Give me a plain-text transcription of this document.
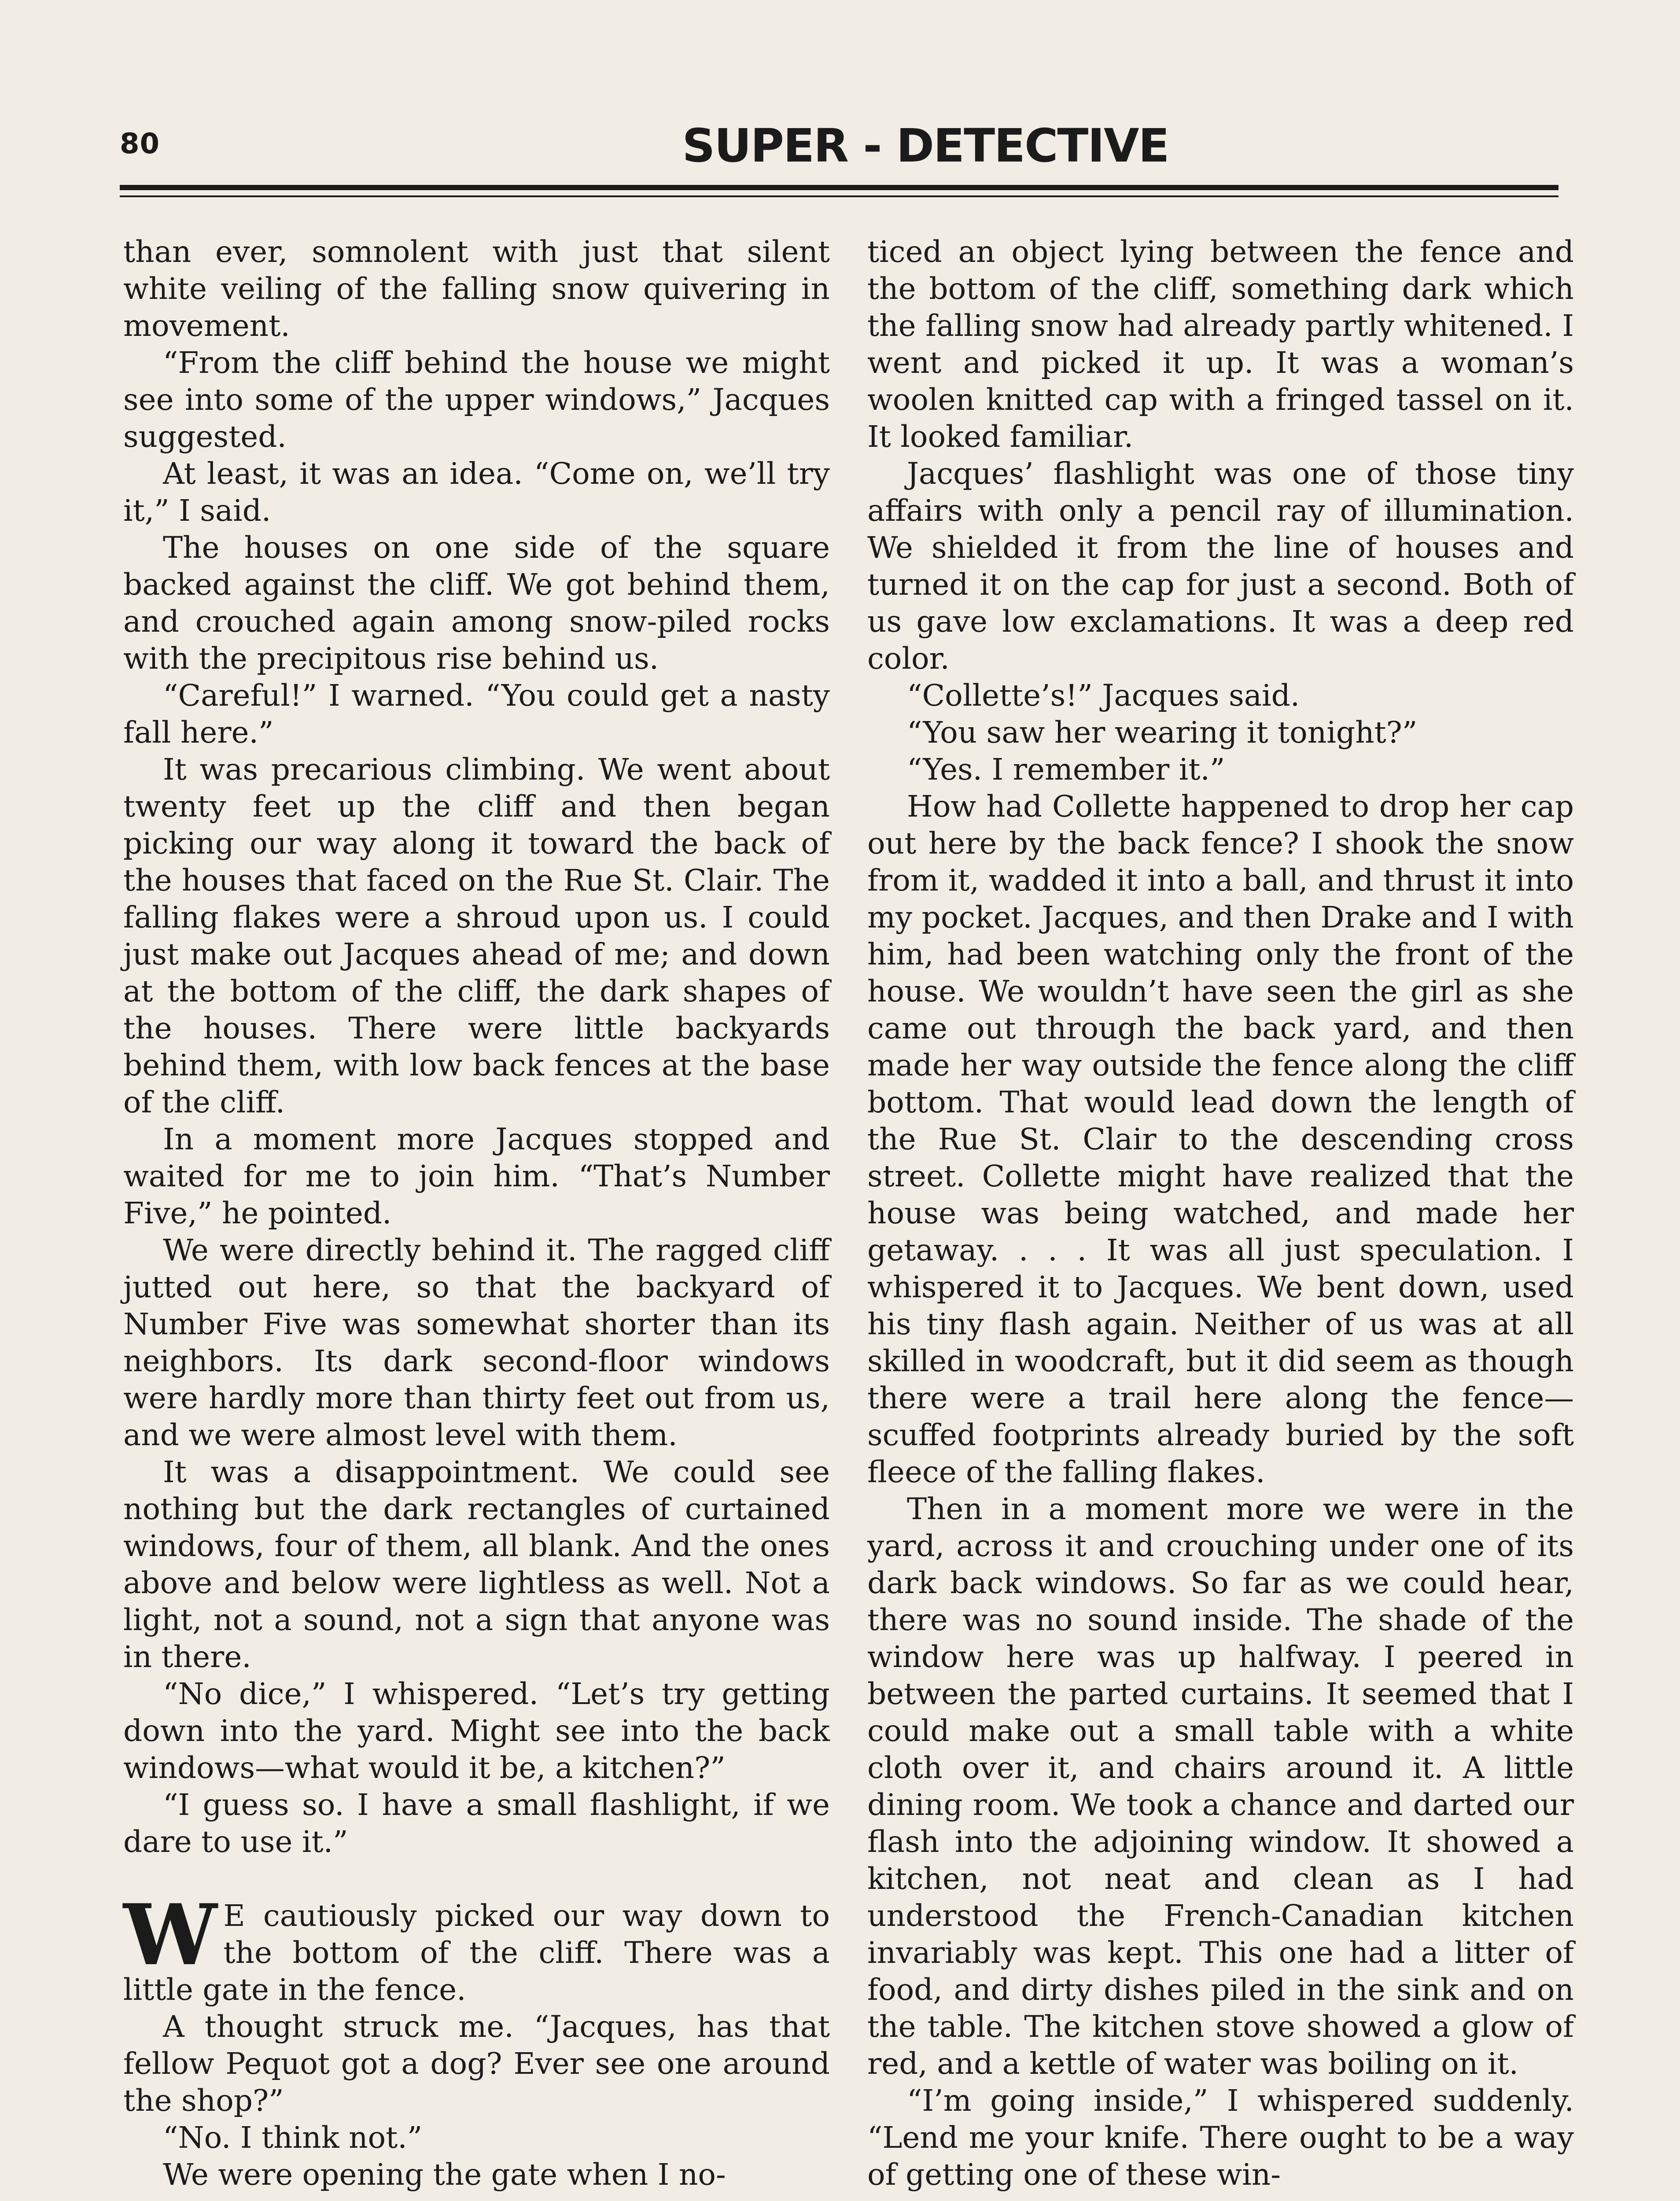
80	SUPER - DETECTIVE

than ever, somnolent with just that silent white veiling of the falling snow quivering in movement.

“From the cliff behind the house we might see into some of the upper windows,” Jacques suggested.

At least, it was an idea. “Come on, we’ll try it,” I said.

The houses on one side of the square backed against the cliff. We got behind them, and crouched again among snow-piled rocks with the precipitous rise behind us.

“Careful!” I warned. “You could get a nasty fall here.”

It was precarious climbing. We went about twenty feet up the cliff and then began picking our way along it toward the back of the houses that faced on the Rue St. Clair. The falling flakes were a shroud upon us. I could just make out Jacques ahead of me; and down at the bottom of the cliff, the dark shapes of the houses. There were little backyards behind them, with low back fences at the base of the cliff.

In a moment more Jacques stopped and waited for me to join him. “That’s Number Five,” he pointed.

We were directly behind it. The ragged cliff jutted out here, so that the backyard of Number Five was somewhat shorter than its neighbors. Its dark second-floor windows were hardly more than thirty feet out from us, and we were almost level with them.

It was a disappointment. We could see nothing but the dark rectangles of curtained windows, four of them, all blank. And the ones above and below were lightless as well. Not a light, not a sound, not a sign that anyone was in there.

“No dice,” I whispered. “Let’s try getting down into the yard. Might see into the back windows—what would it be, a kitchen?”

“I guess so. I have a small flashlight, if we dare to use it.”

W E cautiously picked our way down to the bottom of the cliff. There was a little gate in the fence.

A thought struck me. “Jacques, has that fellow Pequot got a dog? Ever see one around the shop?”

“No. I think not.”

We were opening the gate when I no-

ticed an object lying between the fence and the bottom of the cliff, something dark which the falling snow had already partly whitened. I went and picked it up. It was a woman’s woolen knitted cap with a fringed tassel on it. It looked familiar.

Jacques’ flashlight was one of those tiny affairs with only a pencil ray of illumination. We shielded it from the line of houses and turned it on the cap for just a second. Both of us gave low exclamations. It was a deep red color.

“Collette’s!” Jacques said.

“You saw her wearing it tonight?”

“Yes. I remember it.”

How had Collette happened to drop her cap out here by the back fence? I shook the snow from it, wadded it into a ball, and thrust it into my pocket. Jacques, and then Drake and I with him, had been watching only the front of the house. We wouldn’t have seen the girl as she came out through the back yard, and then made her way outside the fence along the cliff bottom. That would lead down the length of the Rue St. Clair to the descending cross street. Collette might have realized that the house was being watched, and made her getaway. . . . It was all just speculation. I whispered it to Jacques. We bent down, used his tiny flash again. Neither of us was at all skilled in woodcraft, but it did seem as though there were a trail here along the fence—scuffed footprints already buried by the soft fleece of the falling flakes.

Then in a moment more we were in the yard, across it and crouching under one of its dark back windows. So far as we could hear, there was no sound inside. The shade of the window here was up halfway. I peered in between the parted curtains. It seemed that I could make out a small table with a white cloth over it, and chairs around it. A little dining room. We took a chance and darted our flash into the adjoining window. It showed a kitchen, not neat and clean as I had understood the French-Canadian kitchen invariably was kept. This one had a litter of food, and dirty dishes piled in the sink and on the table. The kitchen stove showed a glow of red, and a kettle of water was boiling on it.

“I’m going inside,” I whispered suddenly. “Lend me your knife. There ought to be a way of getting one of these win-
